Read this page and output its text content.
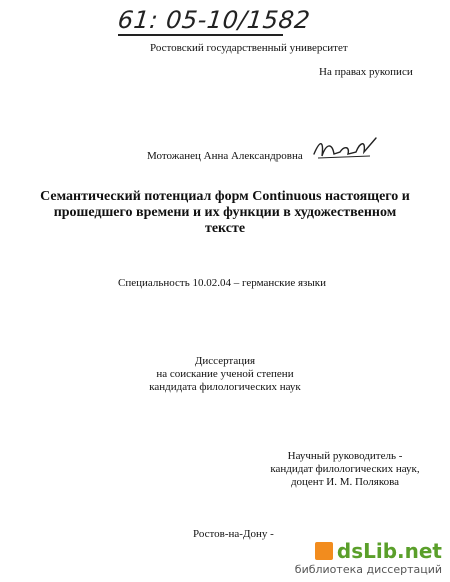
61: 05-10/1582
Ростовский государственный университет
На правах рукописи
Мотожанец Анна Александровна
Семантический потенциал форм Continuous настоящего и прошедшего времени и их функции в художественном тексте
Специальность 10.02.04 – германские языки
Диссертация
на соискание ученой степени
кандидата филологических наук
Научный руководитель -
кандидат филологических наук,
доцент И. М. Полякова
Ростов-на-Дону -
dsLib.net
библиотека диссертаций
